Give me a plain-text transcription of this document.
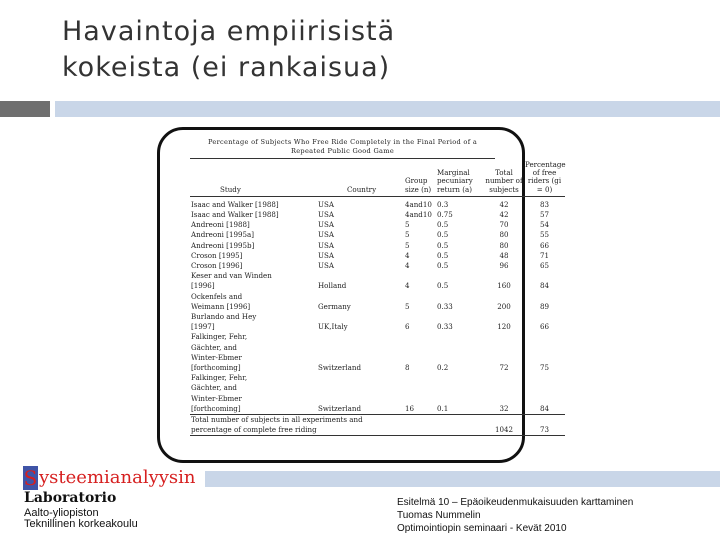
Havaintoja empiirisistä
kokeista (ei rankaisua)
Percentage of Subjects Who Free Ride Completely in the Final Period of a
Repeated Public Good Game
Study	Country	Group size (n)	Marginal pecuniary return (a)	Total number of subjects	Percentage of free riders (gi = 0)
Isaac and Walker [1988]	USA	4and10	0.3	42	83
Isaac and Walker [1988]	USA	4and10	0.75	42	57
Andreoni [1988]	USA	5	0.5	70	54
Andreoni [1995a]	USA	5	0.5	80	55
Andreoni [1995b]	USA	5	0.5	80	66
Croson [1995]	USA	4	0.5	48	71
Croson [1996]	USA	4	0.5	96	65
Keser and van Winden					
[1996]	Holland	4	0.5	160	84
Ockenfels and					
Weimann [1996]	Germany	5	0.33	200	89
Burlando and Hey					
[1997]	UK,Italy	6	0.33	120	66
Falkinger, Fehr,					
Gächter, and					
Winter-Ebmer					
[forthcoming]	Switzerland	8	0.2	72	75
Falkinger, Fehr,					
Gächter, and					
Winter-Ebmer					
[forthcoming]	Switzerland	16	0.1	32	84
Total number of subjects in all experiments and					
percentage of complete free riding				1042	73
S ysteemianalyysin
Laboratorio
Aalto-yliopiston
Teknillinen korkeakoulu
Esitelmä 10 – Epäoikeudenmukaisuuden karttaminen
Tuomas Nummelin
Optimointiopin seminaari - Kevät 2010
